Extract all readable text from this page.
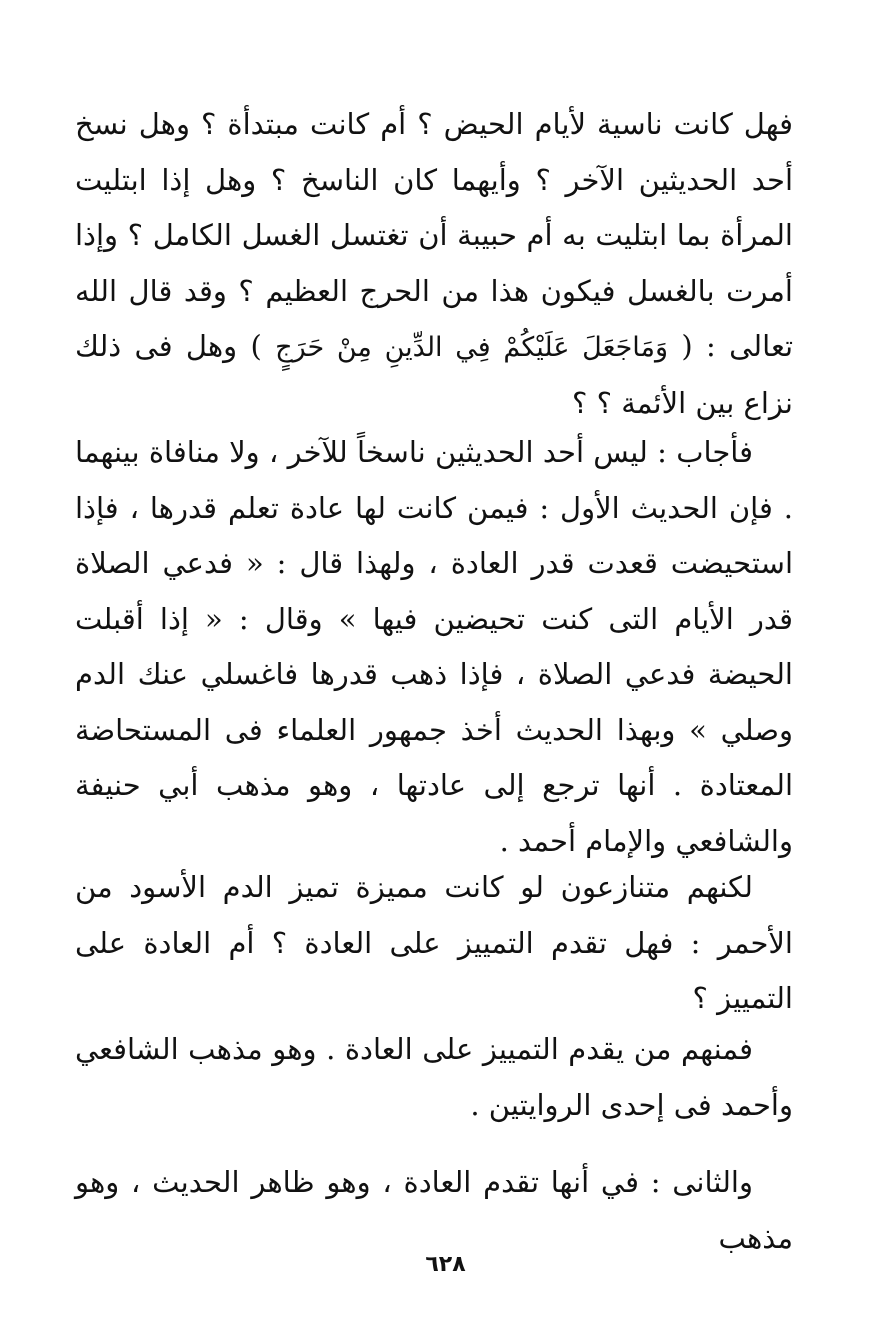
فهل كانت ناسية لأيام الحيض ؟ أم كانت مبتدأة ؟ وهل نسخ أحد الحديثين الآخر ؟ وأيهما كان الناسخ ؟ وهل إذا ابتليت المرأة بما ابتليت به أم حبيبة أن تغتسل الغسل الكامل ؟ وإذا أمرت بالغسل فيكون هذا من الحرج العظيم ؟ وقد قال الله تعالى : ( وَمَاجَعَلَ عَلَيْكُمْ فِي الدِّينِ مِنْ حَرَجٍ ) وهل فى ذلك نزاع بين الأئمة ؟ ؟
فأجاب : ليس أحد الحديثين ناسخاً للآخر ، ولا منافاة بينهما . فإن الحديث الأول : فيمن كانت لها عادة تعلم قدرها ، فإذا استحيضت قعدت قدر العادة ، ولهذا قال : « فدعي الصلاة قدر الأيام التى كنت تحيضين فيها » وقال : « إذا أقبلت الحيضة فدعي الصلاة ، فإذا ذهب قدرها فاغسلي عنك الدم وصلي » وبهذا الحديث أخذ جمهور العلماء فى المستحاضة المعتادة . أنها ترجع إلى عادتها ، وهو مذهب أبي حنيفة والشافعي والإمام أحمد .
لكنهم متنازعون لو كانت مميزة تميز الدم الأسود من الأحمر : فهل تقدم التمييز على العادة ؟ أم العادة على التمييز ؟
فمنهم من يقدم التمييز على العادة . وهو مذهب الشافعي وأحمد فى إحدى الروايتين .
والثانى : في أنها تقدم العادة ، وهو ظاهر الحديث ، وهو مذهب
٦٢٨
